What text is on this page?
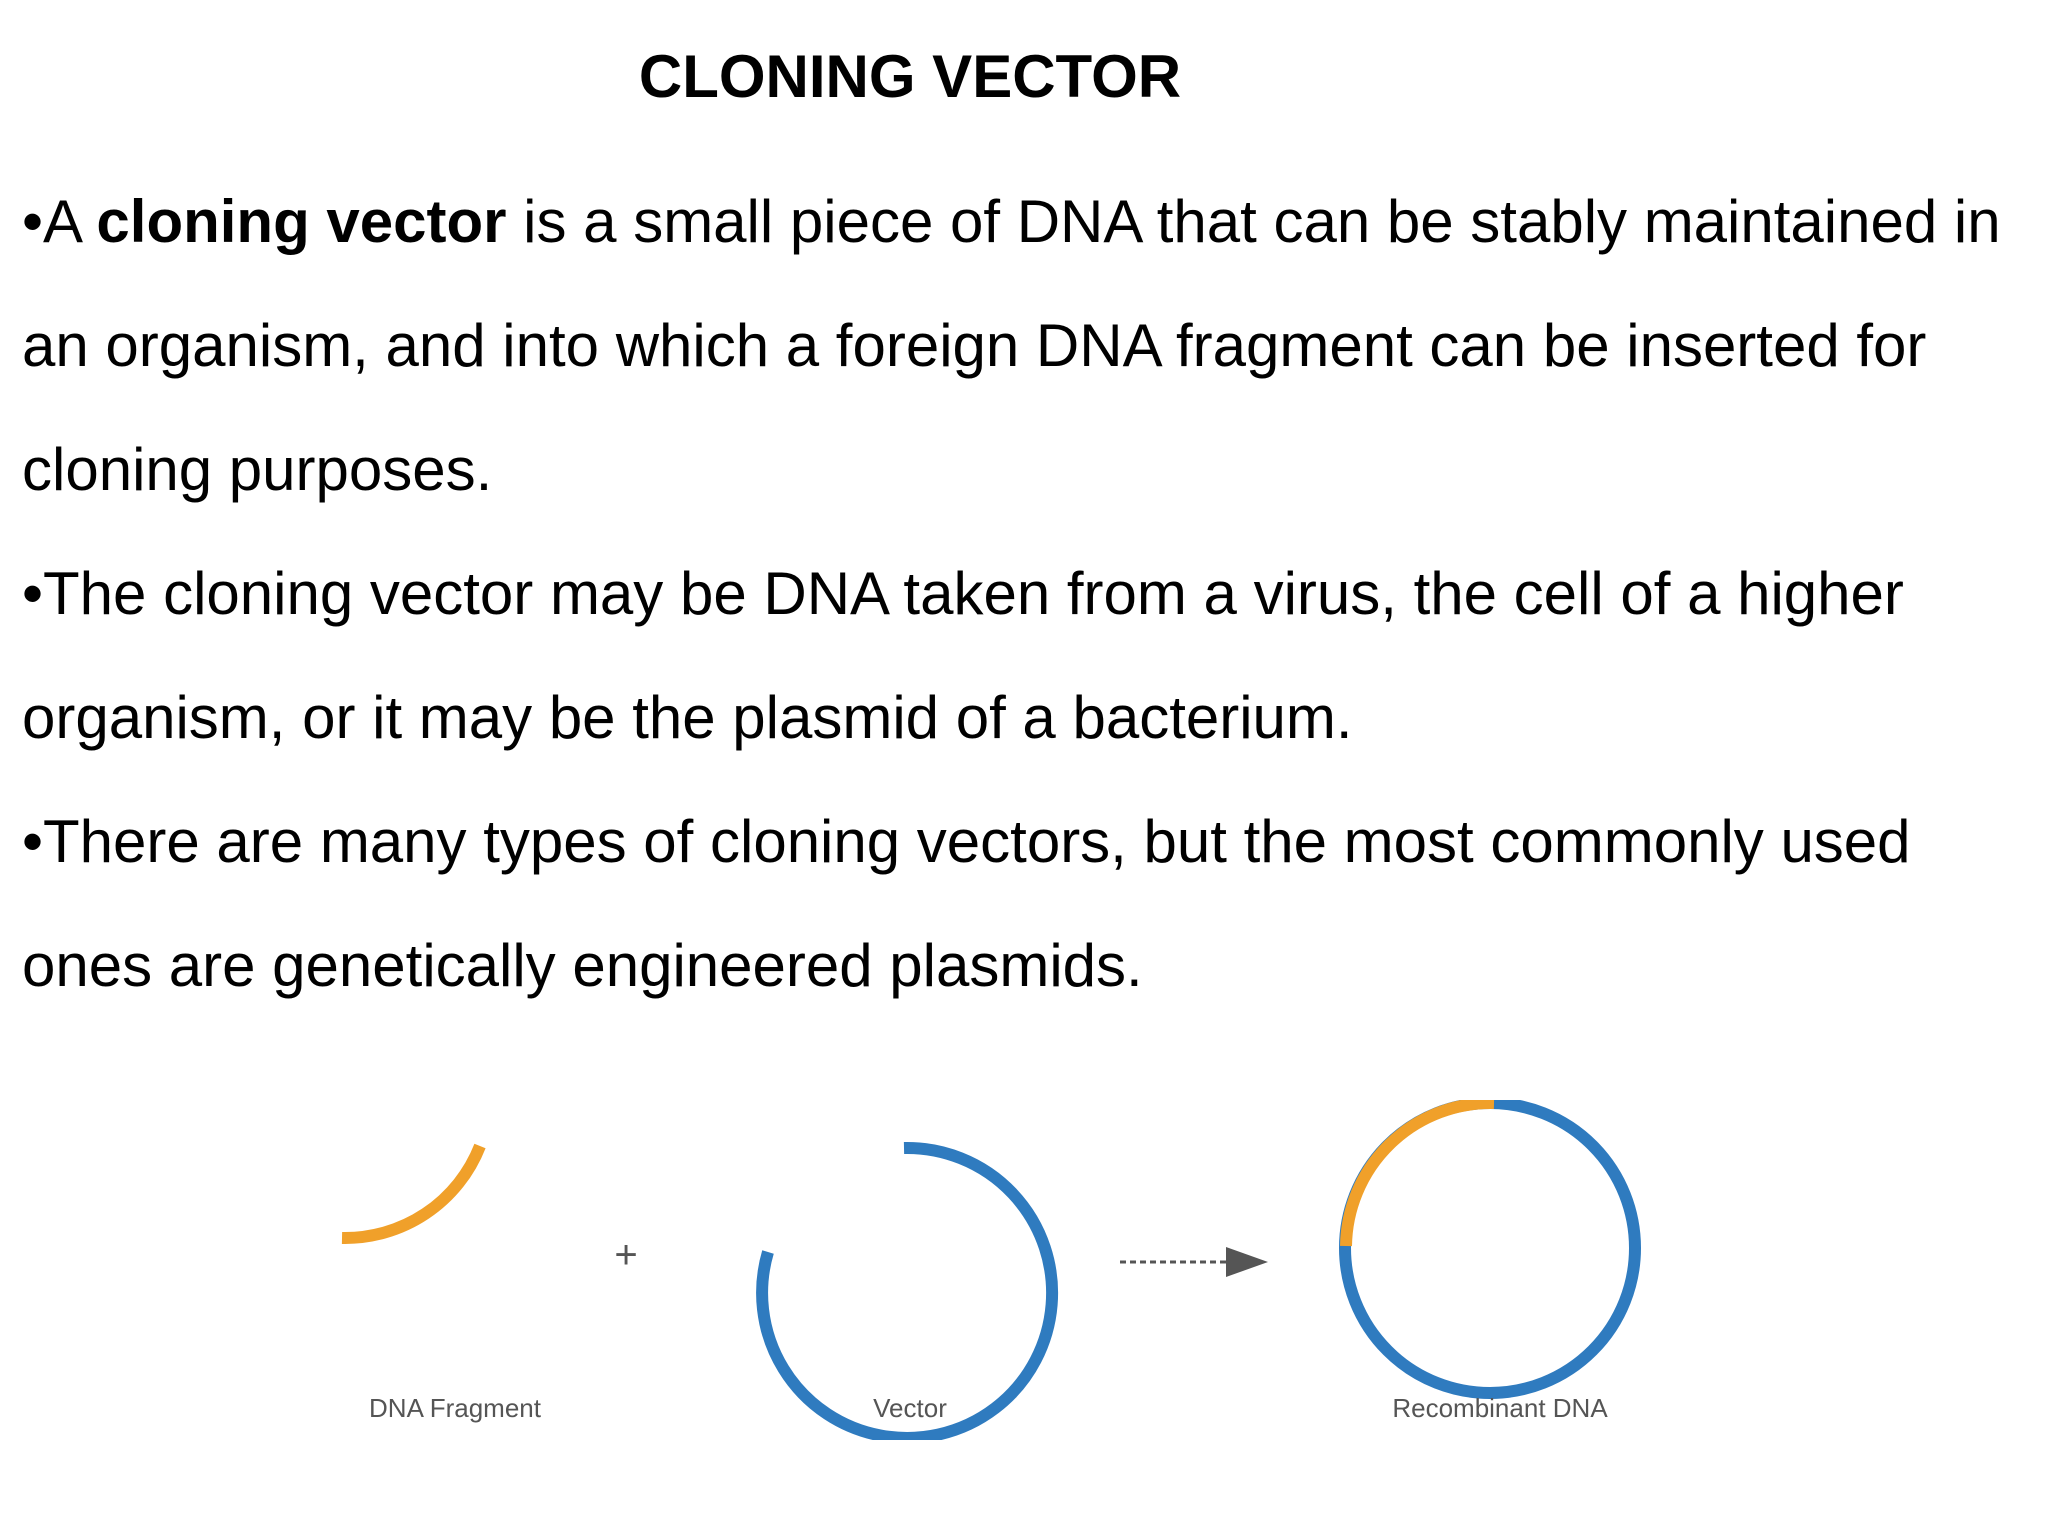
CLONING VECTOR

•A cloning vector is a small piece of DNA that can be stably maintained in an organism, and into which a foreign DNA fragment can be inserted for cloning purposes.

•The cloning vector may be DNA taken from a virus, the cell of a higher organism, or it may be the plasmid of a bacterium.

•There are many types of cloning vectors, but the most commonly used ones are genetically engineered plasmids.

+
DNA Fragment	Vector	Recombinant DNA
